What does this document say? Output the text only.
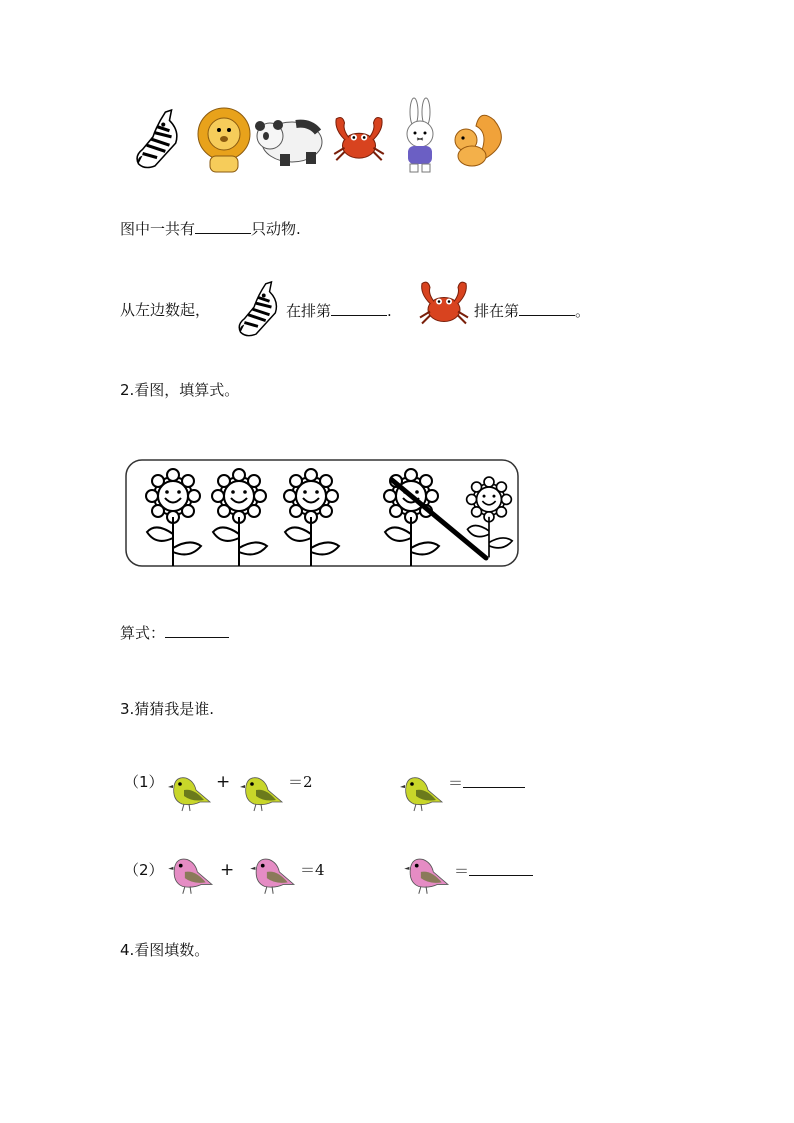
图中一共有	只动物.
从左边数起，	在排第	.	排在第	。
2.看图，填算式。
算式：
3.猜猜我是谁.
（1）	+	＝2	＝
（2）	+	＝4	＝
4.看图填数。
